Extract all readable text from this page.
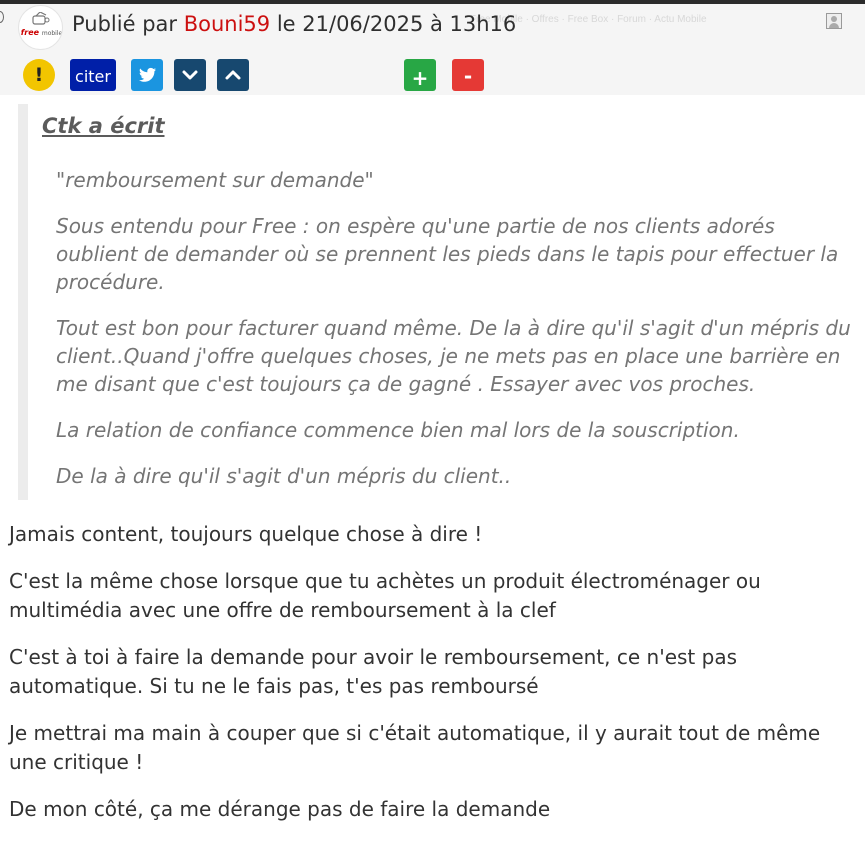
Free Mobile · Offres · Free Box · Forum · Actu Mobile
free mobile Publié par Bouni59 le 21/06/2025 à 13h16
!	citer	+	-
Ctk a écrit

"remboursement sur demande"

Sous entendu pour Free : on espère qu'une partie de nos clients adorés oublient de demander où se prennent les pieds dans le tapis pour effectuer la procédure.

Tout est bon pour facturer quand même. De la à dire qu'il s'agit d'un mépris du client..Quand j'offre quelques choses, je ne mets pas en place une barrière en me disant que c'est toujours ça de gagné . Essayer avec vos proches.

La relation de confiance commence bien mal lors de la souscription.

De la à dire qu'il s'agit d'un mépris du client..

Jamais content, toujours quelque chose à dire !

C'est la même chose lorsque que tu achètes un produit électroménager ou multimédia avec une offre de remboursement à la clef

C'est à toi à faire la demande pour avoir le remboursement, ce n'est pas automatique. Si tu ne le fais pas, t'es pas remboursé

Je mettrai ma main à couper que si c'était automatique, il y aurait tout de même une critique !

De mon côté, ça me dérange pas de faire la demande
